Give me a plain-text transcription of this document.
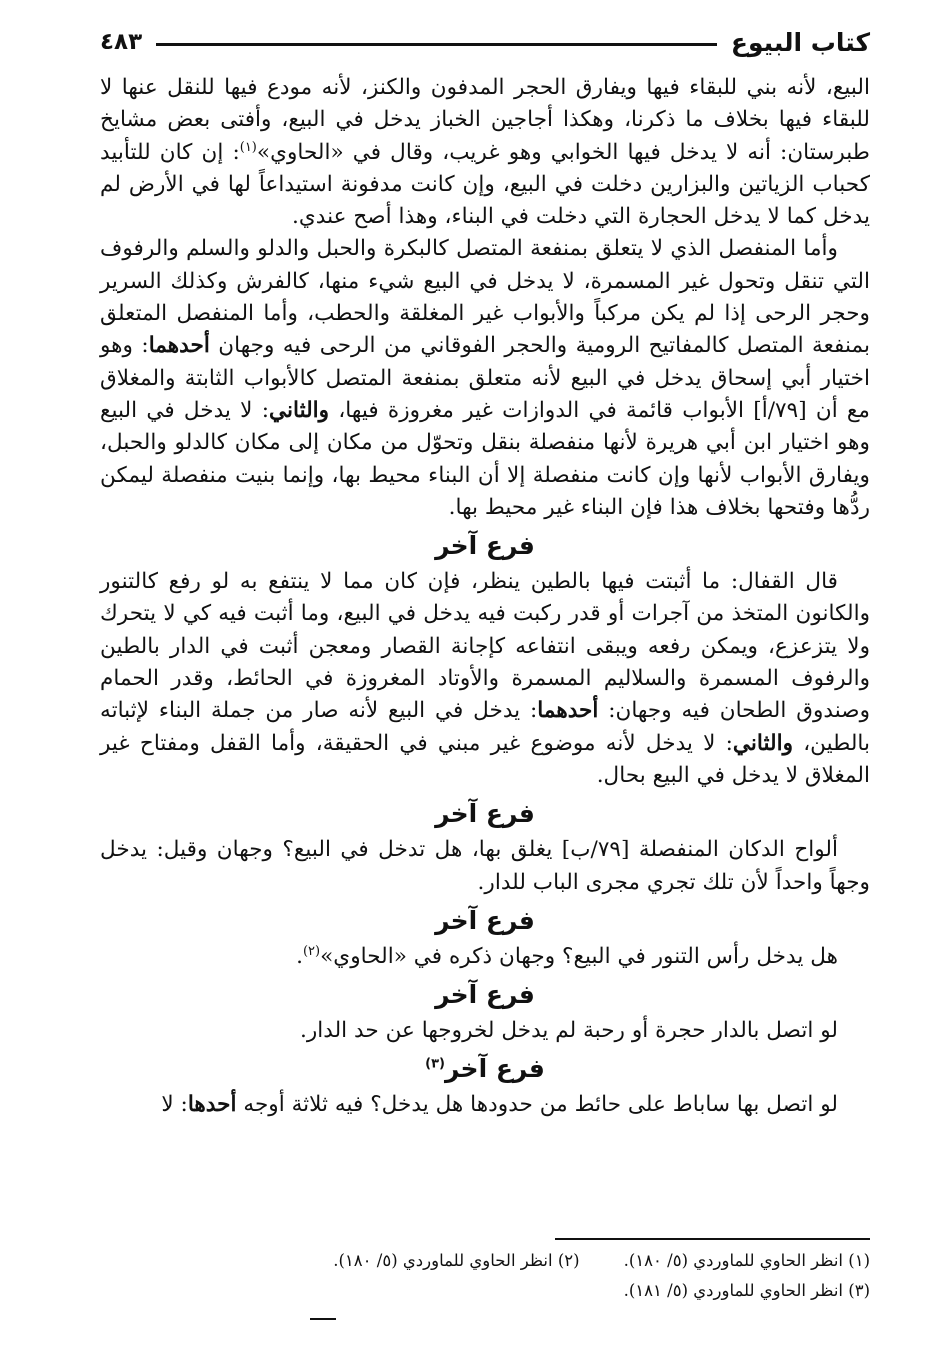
كتاب البيوع
٤٨٣

البيع، لأنه بني للبقاء فيها ويفارق الحجر المدفون والكنز، لأنه مودع فيها للنقل عنها لا للبقاء فيها بخلاف ما ذكرنا، وهكذا أجاجين الخباز يدخل في البيع، وأفتى بعض مشايخ طبرستان: أنه لا يدخل فيها الخوابي وهو غريب، وقال في «الحاوي»$^{(١)}$: إن كان للتأبيد كحباب الزياتين والبزارين دخلت في البيع، وإن كانت مدفونة استيداعاً لها في الأرض لم يدخل كما لا يدخل الحجارة التي دخلت في البناء، وهذا أصح عندي.

وأما المنفصل الذي لا يتعلق بمنفعة المتصل كالبكرة والحبل والدلو والسلم والرفوف التي تنقل وتحول غير المسمرة، لا يدخل في البيع شيء منها، كالفرش وكذلك السرير وحجر الرحى إذا لم يكن مركباً والأبواب غير المغلقة والحطب، وأما المنفصل المتعلق بمنفعة المتصل كالمفاتيح الرومية والحجر الفوقاني من الرحى فيه وجهان أحدهما: وهو اختيار أبي إسحاق يدخل في البيع لأنه متعلق بمنفعة المتصل كالأبواب الثابتة والمغلاق مع أن [٧٩/أ] الأبواب قائمة في الدوازات غير مغروزة فيها، والثاني: لا يدخل في البيع وهو اختيار ابن أبي هريرة لأنها منفصلة بنقل وتحوّل من مكان إلى مكان كالدلو والحبل، ويفارق الأبواب لأنها وإن كانت منفصلة إلا أن البناء محيط بها، وإنما بنيت منفصلة ليمكن ردُّها وفتحها بخلاف هذا فإن البناء غير محيط بها.

فرع آخر

قال القفال: ما أثبتت فيها بالطين ينظر، فإن كان مما لا ينتفع به لو رفع كالتنور والكانون المتخذ من آجرات أو قدر ركبت فيه يدخل في البيع، وما أثبت فيه كي لا يتحرك ولا يتزعزع، ويمكن رفعه ويبقى انتفاعه كإجانة القصار ومعجن أثبت في الدار بالطين والرفوف المسمرة والسلاليم المسمرة والأوتاد المغروزة في الحائط، وقدر الحمام وصندوق الطحان فيه وجهان: أحدهما: يدخل في البيع لأنه صار من جملة البناء لإثباته بالطين، والثاني: لا يدخل لأنه موضوع غير مبني في الحقيقة، وأما القفل ومفتاح غير المغلاق لا يدخل في البيع بحال.

فرع آخر

ألواح الدكان المنفصلة [٧٩/ب] يغلق بها، هل تدخل في البيع؟ وجهان وقيل: يدخل وجهاً واحداً لأن تلك تجري مجرى الباب للدار.

فرع آخر

هل يدخل رأس التنور في البيع؟ وجهان ذكره في «الحاوي»$^{(٢)}$.

فرع آخر

لو اتصل بالدار حجرة أو رحبة لم يدخل لخروجها عن حد الدار.

فرع آخر$^{(٣)}$

لو اتصل بها ساباط على حائط من حدودها هل يدخل؟ فيه ثلاثة أوجه أحدها: لا

(١) انظر الحاوي للماوردي (٥/ ١٨٠).
(٢) انظر الحاوي للماوردي (٥/ ١٨٠).
(٣) انظر الحاوي للماوردي (٥/ ١٨١).
